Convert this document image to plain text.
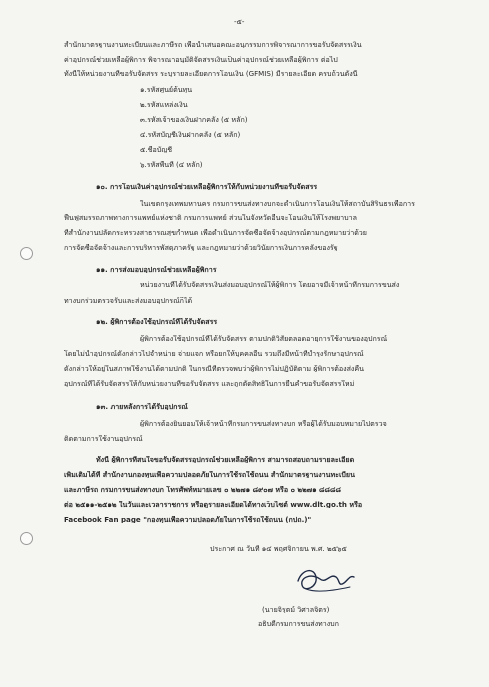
-๕-
สำนักมาตรฐานงานทะเบียนและภาษีรถ เพื่อนำเสนอคณะอนุกรรมการพิจารณาการขอรับจัดสรรเงิน
ค่าอุปกรณ์ช่วยเหลือผู้พิการ พิจารณาอนุมัติจัดสรรเงินเป็นค่าอุปกรณ์ช่วยเหลือผู้พิการ ต่อไป
ทั้งนี้ให้หน่วยงานที่ขอรับจัดสรร ระบุรายละเอียดการโอนเงิน (GFMIS) มีรายละเอียด ครบถ้วนดังนี้
๑.รหัสศูนย์ต้นทุน
๒.รหัสแหล่งเงิน
๓.รหัสเจ้าของเงินฝากคลัง (๕ หลัก)
๔.รหัสบัญชีเงินฝากคลัง (๕ หลัก)
๕.ชื่อบัญชี
๖.รหัสพื้นที่ (๔ หลัก)
๑๐. การโอนเงินค่าอุปกรณ์ช่วยเหลือผู้พิการให้กับหน่วยงานที่ขอรับจัดสรร
ในเขตกรุงเทพมหานคร กรมการขนส่งทางบกจะดำเนินการโอนเงินให้สถาบันสิรินธรเพื่อการ
ฟื้นฟูสมรรถภาพทางการแพทย์แห่งชาติ กรมการแพทย์ ส่วนในจังหวัดอื่นจะโอนเงินให้โรงพยาบาล
ที่สำนักงานปลัดกระทรวงสาธารณสุขกำหนด เพื่อดำเนินการจัดซื้อจัดจ้างอุปกรณ์ตามกฎหมายว่าด้วย
การจัดซื้อจัดจ้างและการบริหารพัสดุภาครัฐ และกฎหมายว่าด้วยวินัยการเงินการคลังของรัฐ
๑๑. การส่งมอบอุปกรณ์ช่วยเหลือผู้พิการ
หน่วยงานที่ได้รับจัดสรรเงินส่งมอบอุปกรณ์ให้ผู้พิการ โดยอาจมีเจ้าหน้าที่กรมการขนส่ง
ทางบกร่วมตรวจรับและส่งมอบอุปกรณ์ก็ได้
๑๒. ผู้พิการต้องใช้อุปกรณ์ที่ได้รับจัดสรร
ผู้พิการต้องใช้อุปกรณ์ที่ได้รับจัดสรร ตามปกติวิสัยตลอดอายุการใช้งานของอุปกรณ์
โดยไม่นำอุปกรณ์ดังกล่าวไปจำหน่าย จ่ายแจก หรือยกให้บุคคลอื่น รวมถึงมีหน้าที่บำรุงรักษาอุปกรณ์
ดังกล่าวให้อยู่ในสภาพใช้งานได้ตามปกติ ในกรณีที่ตรวจพบว่าผู้พิการไม่ปฏิบัติตาม ผู้พิการต้องส่งคืน
อุปกรณ์ที่ได้รับจัดสรรให้กับหน่วยงานที่ขอรับจัดสรร และถูกตัดสิทธิในการยื่นคำขอรับจัดสรรใหม่
๑๓. ภายหลังการได้รับอุปกรณ์
ผู้พิการต้องยินยอมให้เจ้าหน้าที่กรมการขนส่งทางบก หรือผู้ได้รับมอบหมายไปตรวจ
ติดตามการใช้งานอุปกรณ์
ทั้งนี้ ผู้พิการที่สนใจขอรับจัดสรรอุปกรณ์ช่วยเหลือผู้พิการ สามารถสอบถามรายละเอียด
เพิ่มเติมได้ที่ สำนักงานกองทุนเพื่อความปลอดภัยในการใช้รถใช้ถนน สำนักมาตรฐานงานทะเบียน
และภาษีรถ กรมการขนส่งทางบก โทรศัพท์หมายเลข ๐ ๒๒๗๑ ๘๙๐๗ หรือ ๐ ๒๒๗๑ ๘๘๘๘
ต่อ ๒๕๑๑-๒๕๑๒ ในวันและเวลาราชการ หรือดูรายละเอียดได้ทางเว็บไซต์ www.dlt.go.th หรือ
Facebook Fan page "กองทุนเพื่อความปลอดภัยในการใช้รถใช้ถนน (กปถ.)"
ประกาศ ณ วันที่ ๑๔ พฤศจิกายน พ.ศ. ๒๕๖๕
(นายจิรุตม์ วิศาลจิตร)
อธิบดีกรมการขนส่งทางบก
